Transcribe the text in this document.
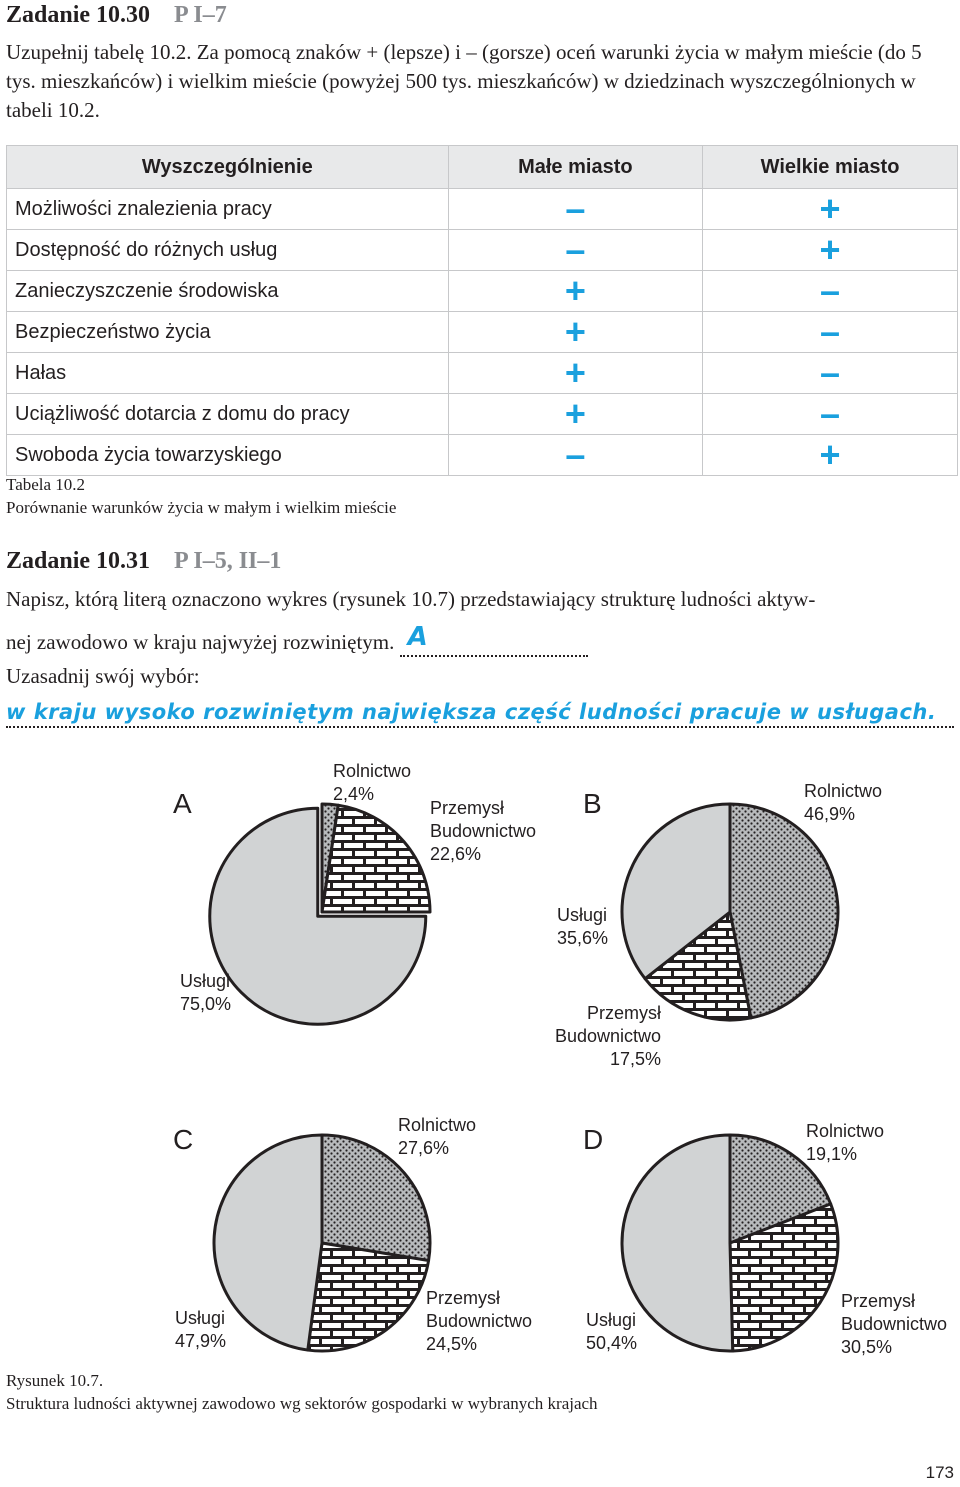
Zadanie 10.30 P I–7
Uzupełnij tabelę 10.2. Za pomocą znaków + (lepsze) i – (gorsze) oceń warunki życia w małym mieście (do 5 tys. mieszkańców) i wielkim mieście (powyżej 500 tys. mieszkańców) w dziedzinach wyszczególnionych w tabeli 10.2.
Wyszczególnienie	Małe miasto	Wielkie miasto
Możliwości znalezienia pracy	–	+
Dostępność do różnych usług	–	+
Zanieczyszczenie środowiska	+	–
Bezpieczeństwo życia	+	–
Hałas	+	–
Uciążliwość dotarcia z domu do pracy	+	–
Swoboda życia towarzyskiego	–	+
Tabela 10.2
Porównanie warunków życia w małym i wielkim mieście
Zadanie 10.31 P I–5, II–1
Napisz, którą literą oznaczono wykres (rysunek 10.7) przedstawiający strukturę ludności aktyw-
nej zawodowo w kraju najwyżej rozwiniętym. A
Uzasadnij swój wybór:
w kraju wysoko rozwiniętym największa część ludności pracuje w usługach.
A	B
C	D
Rolnictwo
2,4%
Przemysł
Budownictwo
22,6%
Usługi
75,0%
Rolnictwo
46,9%
Usługi
35,6%
Przemysł
Budownictwo
17,5%
Rolnictwo
27,6%
Przemysł
Budownictwo
24,5%
Usługi
47,9%
Rolnictwo
19,1%
Przemysł
Budownictwo
30,5%
Usługi
50,4%
Rysunek 10.7.
Struktura ludności aktywnej zawodowo wg sektorów gospodarki w wybranych krajach
173
